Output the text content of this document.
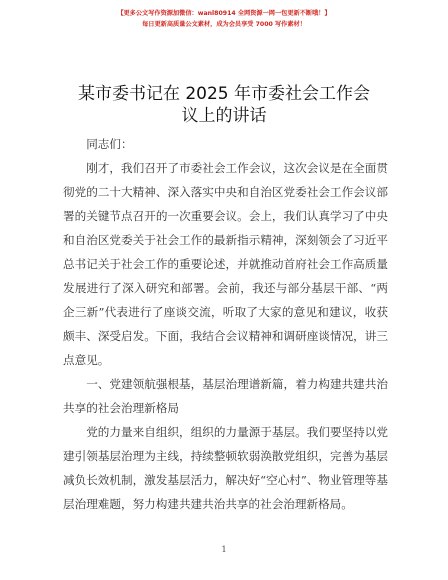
【更多公文写作资源加微信：wanl80914 全网资源一网一包更新不断哦！】
每日更新高质量公文素材，成为会员享受 7000 写作素材！
某市委书记在 2025 年市委社会工作会议上的讲话

同志们：

刚才，我们召开了市委社会工作会议，这次会议是在全面贯彻党的二十大精神、深入落实中央和自治区党委社会工作会议部署的关键节点召开的一次重要会议。会上，我们认真学习了中央和自治区党委关于社会工作的最新指示精神，深刻领会了习近平总书记关于社会工作的重要论述，并就推动首府社会工作高质量发展进行了深入研究和部署。会前，我还与部分基层干部、“两企三新”代表进行了座谈交流，听取了大家的意见和建议，收获颇丰、深受启发。下面，我结合会议精神和调研座谈情况，讲三点意见。

一、党建领航强根基，基层治理谱新篇，着力构建共建共治共享的社会治理新格局

党的力量来自组织，组织的力量源于基层。我们要坚持以党建引领基层治理为主线，持续整顿软弱涣散党组织，完善为基层减负长效机制，激发基层活力，解决好“空心村”、物业管理等基层治理难题，努力构建共建共治共享的社会治理新格局。

1
